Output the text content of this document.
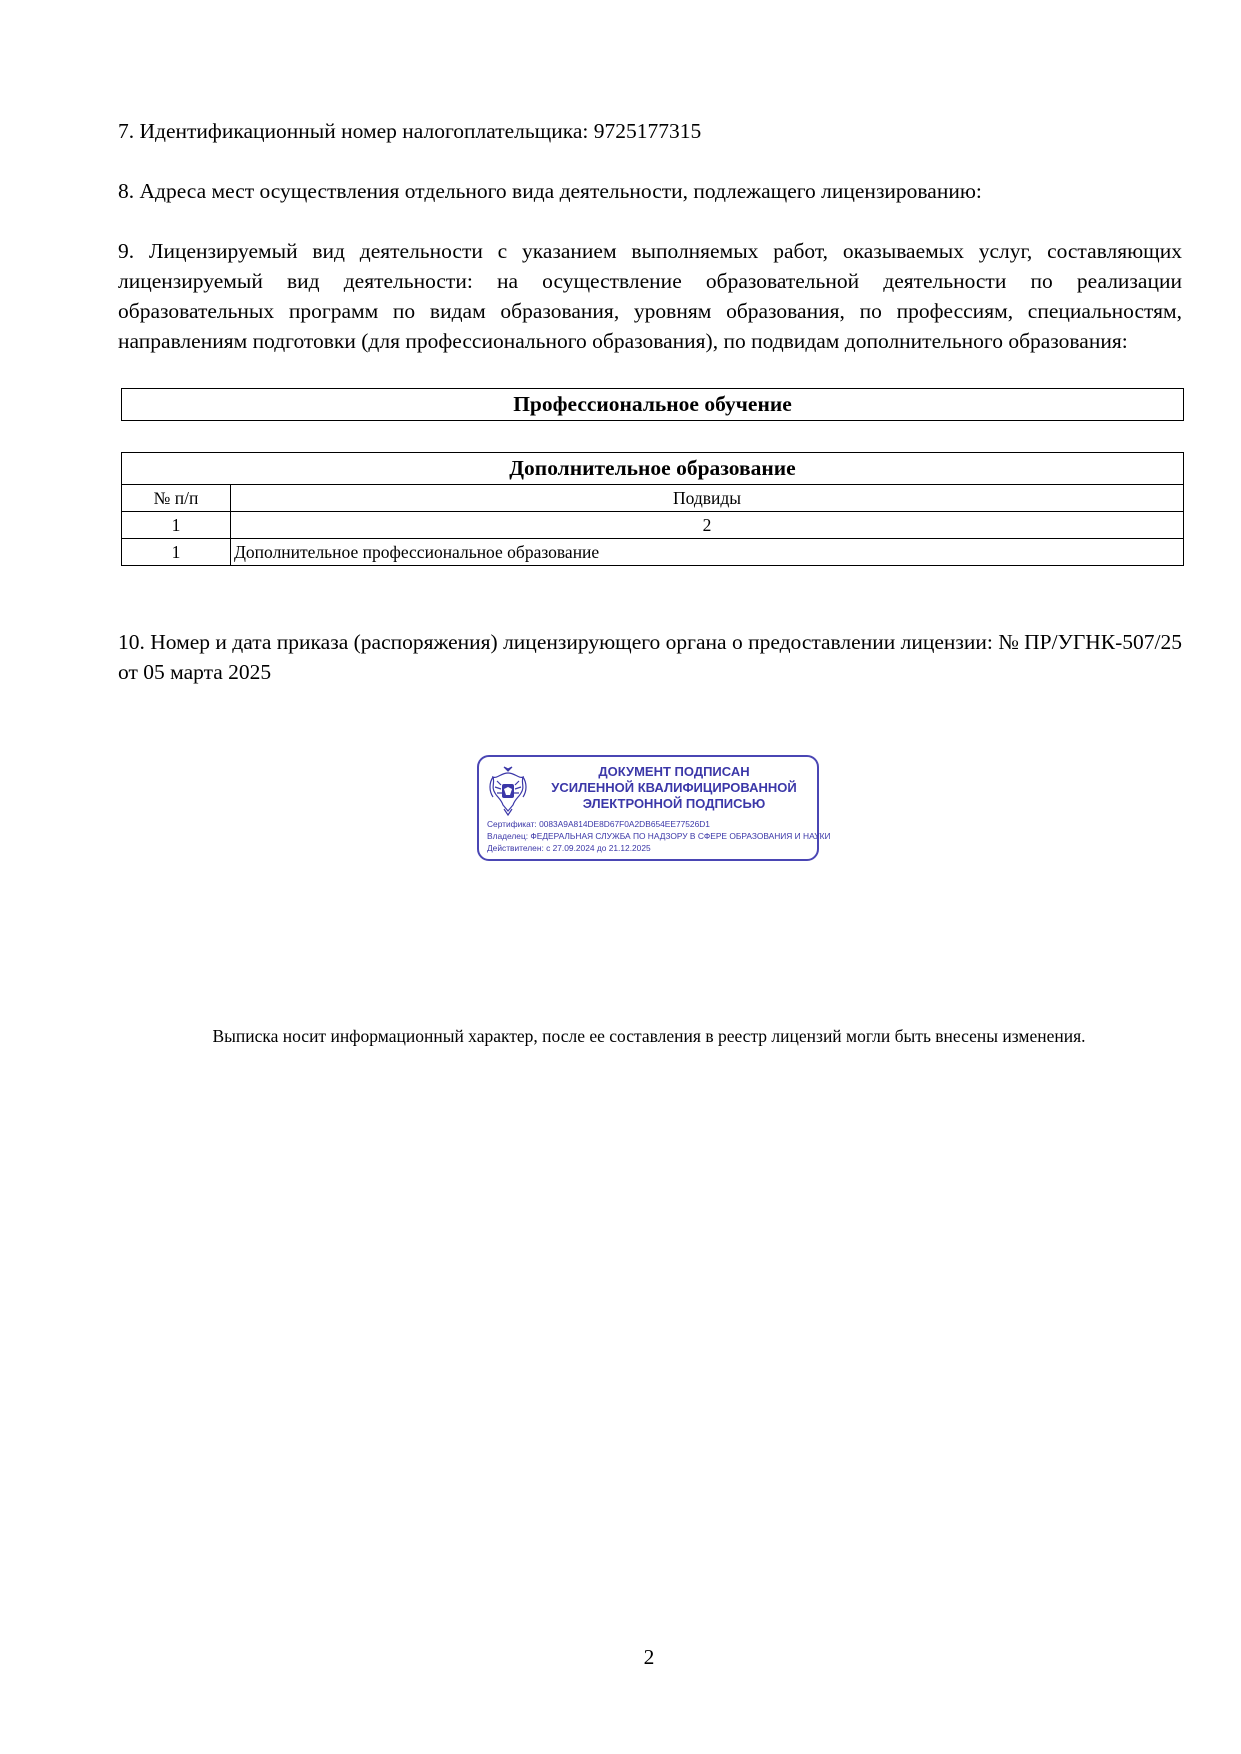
7. Идентификационный номер налогоплательщика: 9725177315

8. Адреса мест осуществления отдельного вида деятельности, подлежащего лицензированию:

9. Лицензируемый вид деятельности с указанием выполняемых работ, оказываемых услуг, составляющих лицензируемый вид деятельности: на осуществление образовательной деятельности по реализации образовательных программ по видам образования, уровням образования, по профессиям, специальностям, направлениям подготовки (для профессионального образования), по подвидам дополнительного образования:

Профессиональное обучение
Дополнительное образование	
№ п/п	Подвиды
1	2
1	Дополнительное профессиональное образование

10. Номер и дата приказа (распоряжения) лицензирующего органа о предоставлении лицензии: № ПР/УГНК-507/25 от 05 марта 2025

ДОКУМЕНТ ПОДПИСАН
УСИЛЕННОЙ КВАЛИФИЦИРОВАННОЙ
ЭЛЕКТРОННОЙ ПОДПИСЬЮ
Сертификат: 0083A9A814DE8D67F0A2DB654EE77526D1
Владелец: ФЕДЕРАЛЬНАЯ СЛУЖБА ПО НАДЗОРУ В СФЕРЕ ОБРАЗОВАНИЯ И НАУКИ
Действителен: с 27.09.2024 до 21.12.2025
Выписка носит информационный характер, после ее составления в реестр лицензий могли быть внесены изменения.
2
